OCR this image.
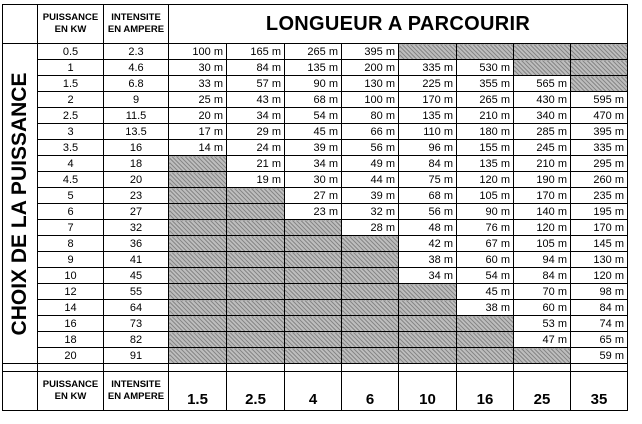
	PUISSANCE
EN KW	INTENSITE
EN AMPERE	LONGUEUR A PARCOURIR							

CHOIX DE LA PUISSANCE	0.5	2.3	100 m	165 m	265 m	395 m				
	1	4.6	30 m	84 m	135 m	200 m	335 m	530 m		
	1.5	6.8	33 m	57 m	90 m	130 m	225 m	355 m	565 m	
	2	9	25 m	43 m	68 m	100 m	170 m	265 m	430 m	595 m
	2.5	11.5	20 m	34 m	54 m	80 m	135 m	210 m	340 m	470 m
	3	13.5	17 m	29 m	45 m	66 m	110 m	180 m	285 m	395 m
	3.5	16	14 m	24 m	39 m	56 m	96 m	155 m	245 m	335 m
	4	18		21 m	34 m	49 m	84 m	135 m	210 m	295 m
	4.5	20		19 m	30 m	44 m	75 m	120 m	190 m	260 m
	5	23			27 m	39 m	68 m	105 m	170 m	235 m
	6	27			23 m	32 m	56 m	90 m	140 m	195 m
	7	32				28 m	48 m	76 m	120 m	170 m
	8	36					42 m	67 m	105 m	145 m
	9	41					38 m	60 m	94 m	130 m
	10	45					34 m	54 m	84 m	120 m
	12	55						45 m	70 m	98 m
	14	64						38 m	60 m	84 m
	16	73							53 m	74 m
	18	82							47 m	65 m
	20	91								59 m

	PUISSANCE
EN KW	INTENSITE
EN AMPERE	1.5	2.5	4	6	10	16	25	35
